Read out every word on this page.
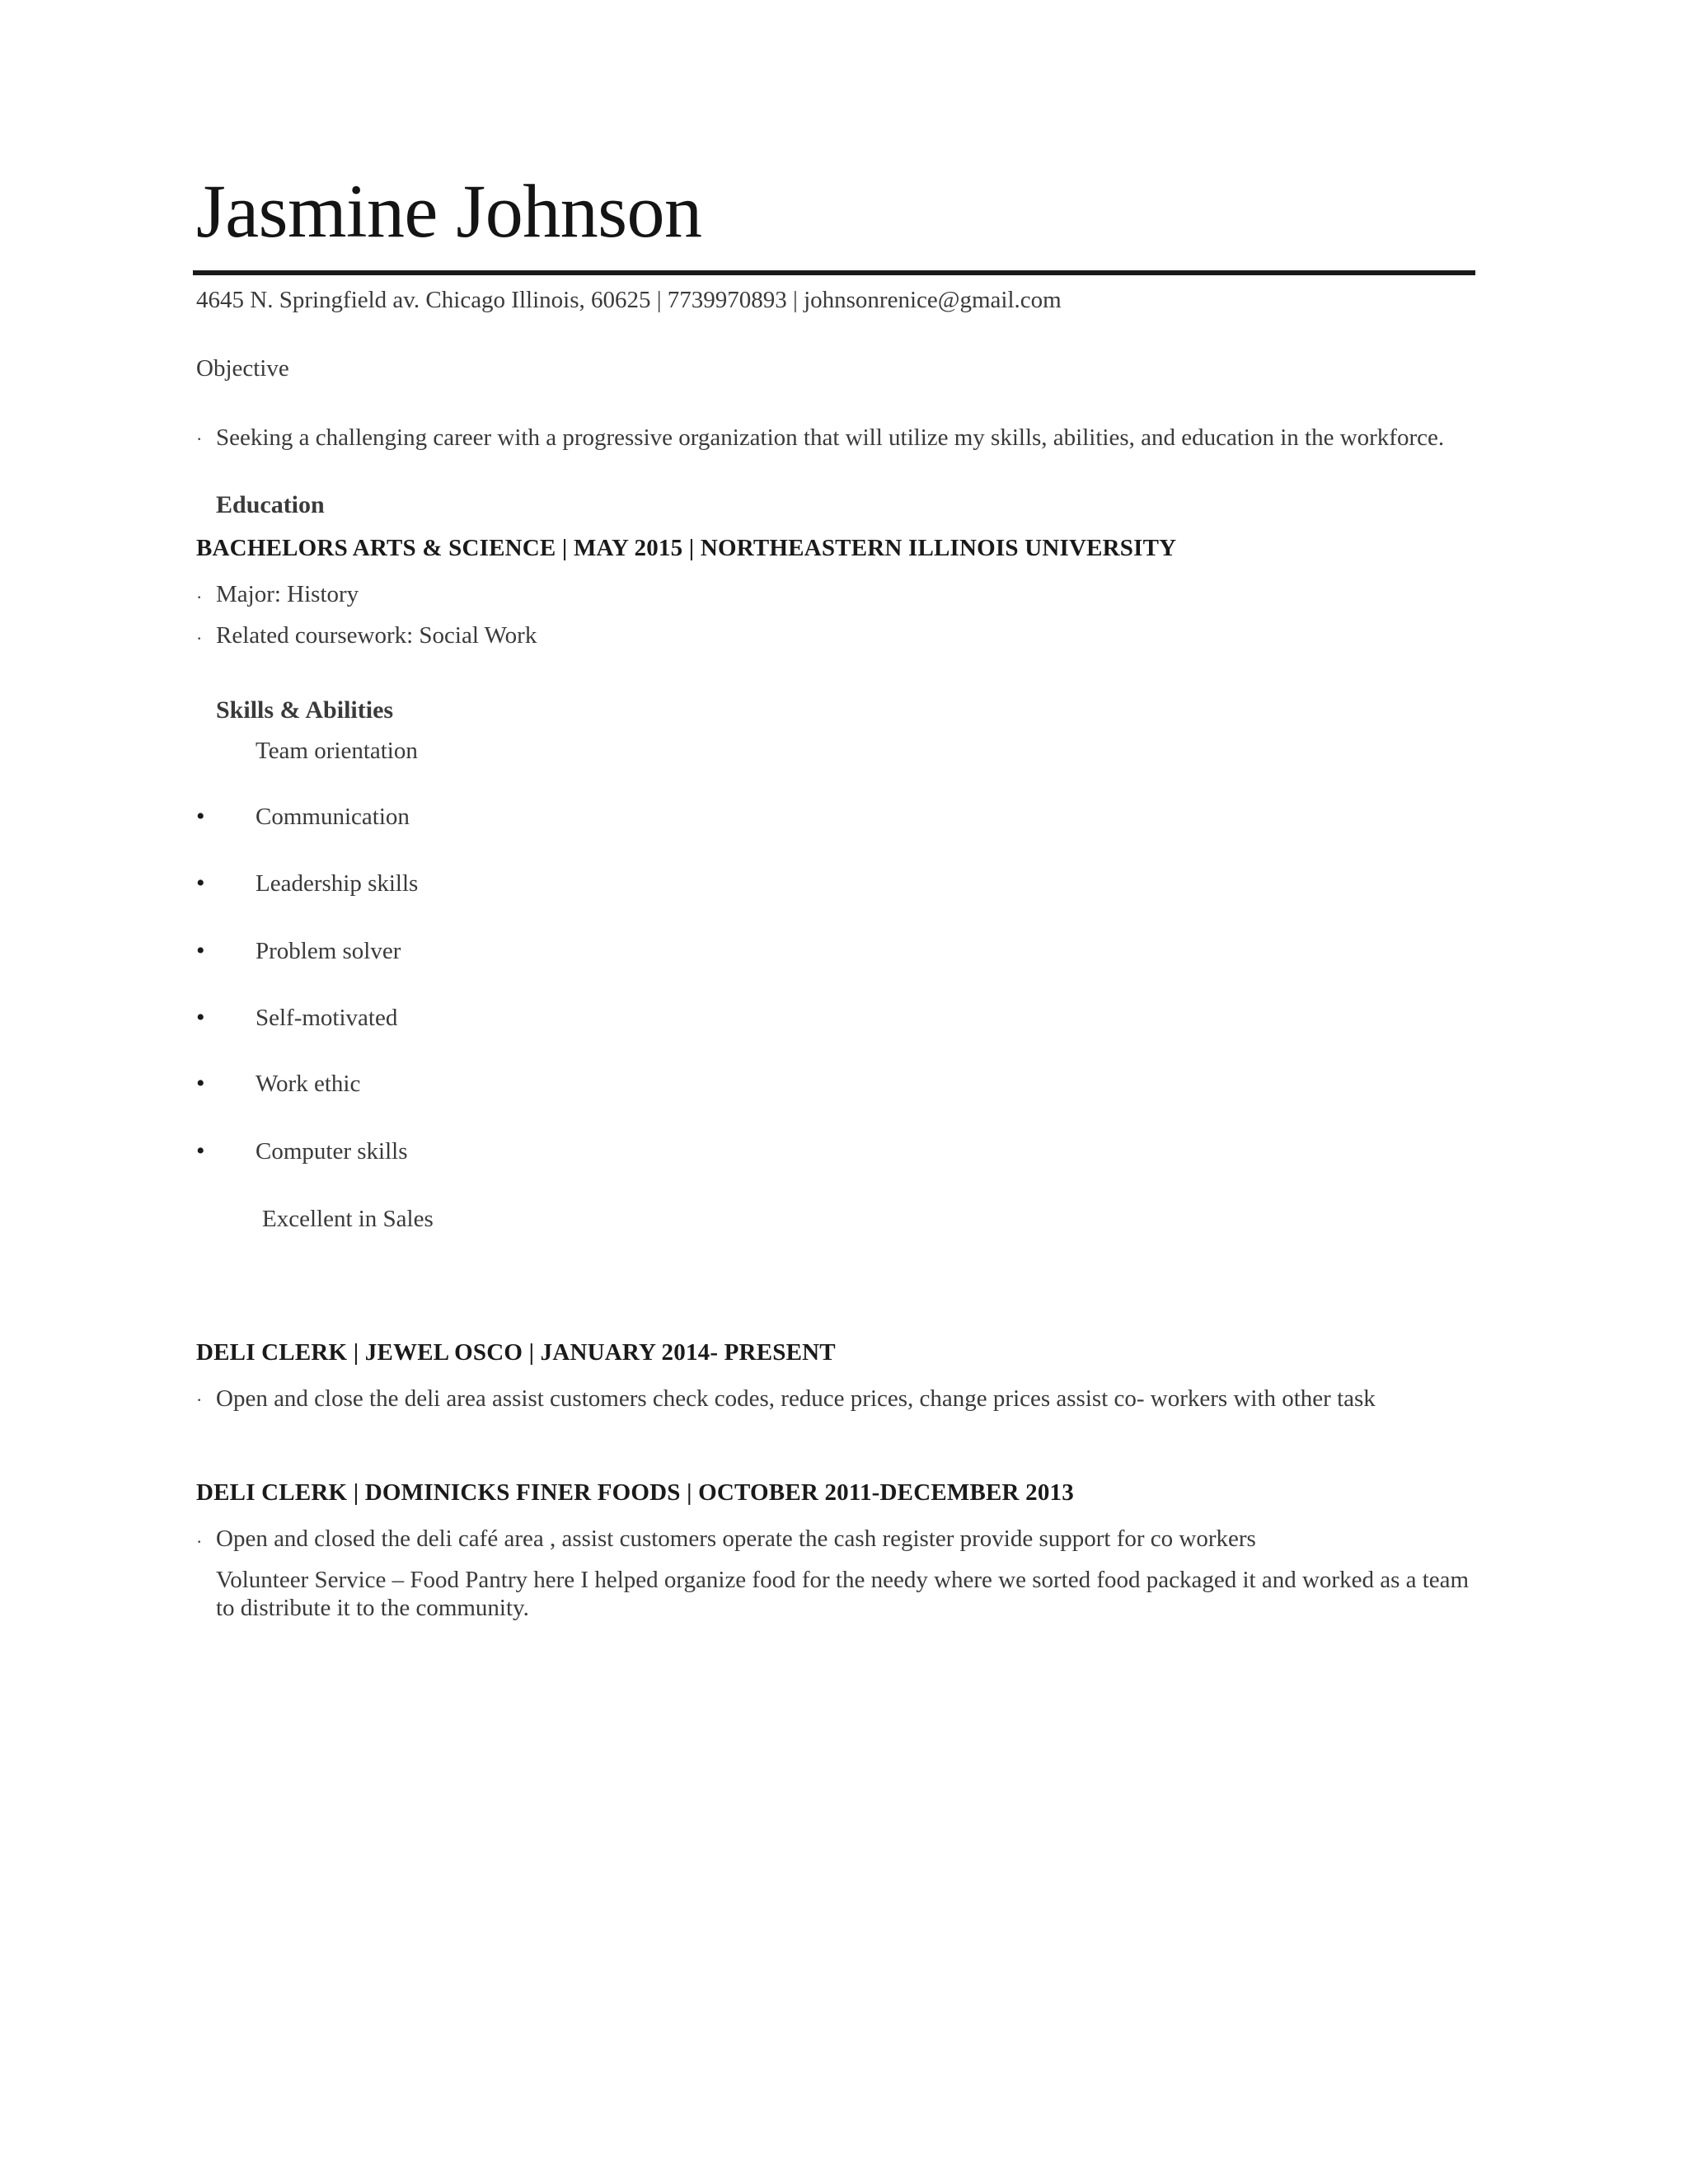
Jasmine Johnson
4645 N. Springfield av. Chicago Illinois, 60625 | 7739970893 | johnsonrenice@gmail.com
Objective
· Seeking a challenging career with a progressive organization that will utilize my skills, abilities, and education in the workforce.
Education
BACHELORS ARTS & SCIENCE | MAY 2015 | NORTHEASTERN ILLINOIS UNIVERSITY
· Major: History
· Related coursework: Social Work
Skills & Abilities
Team orientation
• Communication
• Leadership skills
• Problem solver
• Self-motivated
• Work ethic
• Computer skills
Excellent in Sales
DELI CLERK | JEWEL OSCO | JANUARY 2014- PRESENT
· Open and close the deli area assist customers check codes, reduce prices, change prices assist co- workers with other task
DELI CLERK | DOMINICKS FINER FOODS | OCTOBER 2011-DECEMBER 2013
· Open and closed the deli café area , assist customers operate the cash register provide support for co workers
Volunteer Service – Food Pantry here I helped organize food for the needy where we sorted food packaged it and worked as a team to distribute it to the community.
